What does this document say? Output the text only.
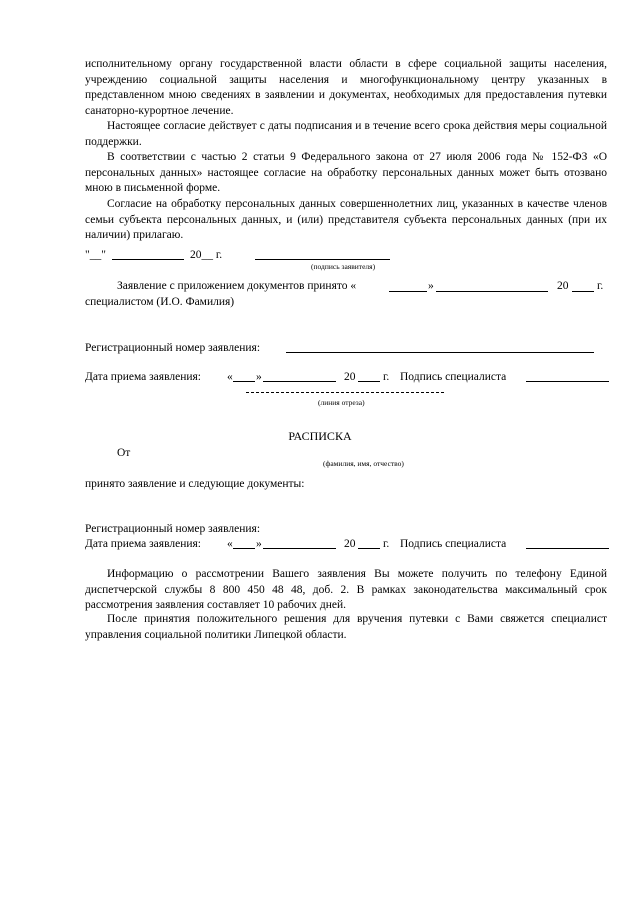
исполнительному органу государственной власти области в сфере социальной защиты населения, учреждению социальной защиты населения и многофункциональному центру указанных в представленном мною сведениях в заявлении и документах, необходимых для предоставления путевки санаторно-курортное лечение.

Настоящее согласие действует с даты подписания и в течение всего срока действия меры социальной поддержки.

В соответствии с частью 2 статьи 9 Федерального закона от 27 июля 2006 года № 152-ФЗ «О персональных данных» настоящее согласие на обработку персональных данных может быть отозвано мною в письменной форме.

Согласие на обработку персональных данных совершеннолетних лиц, указанных в качестве членов семьи субъекта персональных данных, и (или) представителя субъекта персональных данных (при их наличии) прилагаю.

"__"	20__ г.
(подпись заявителя)
Заявление с приложением документов принято «	»	20 г.
специалистом (И.О. Фамилия)
Регистрационный номер заявления:
Дата приема заявления: « »	20 г. Подпись специалиста
(линия отреза)
РАСПИСКА
От
(фамилия, имя, отчество)
принято заявление и следующие документы:
Регистрационный номер заявления:
Дата приема заявления: « »	20 г. Подпись специалиста

Информацию о рассмотрении Вашего заявления Вы можете получить по телефону Единой диспетчерской службы 8 800 450 48 48, доб. 2. В рамках законодательства максимальный срок рассмотрения заявления составляет 10 рабочих дней.

После принятия положительного решения для вручения путевки с Вами свяжется специалист управления социальной политики Липецкой области.
